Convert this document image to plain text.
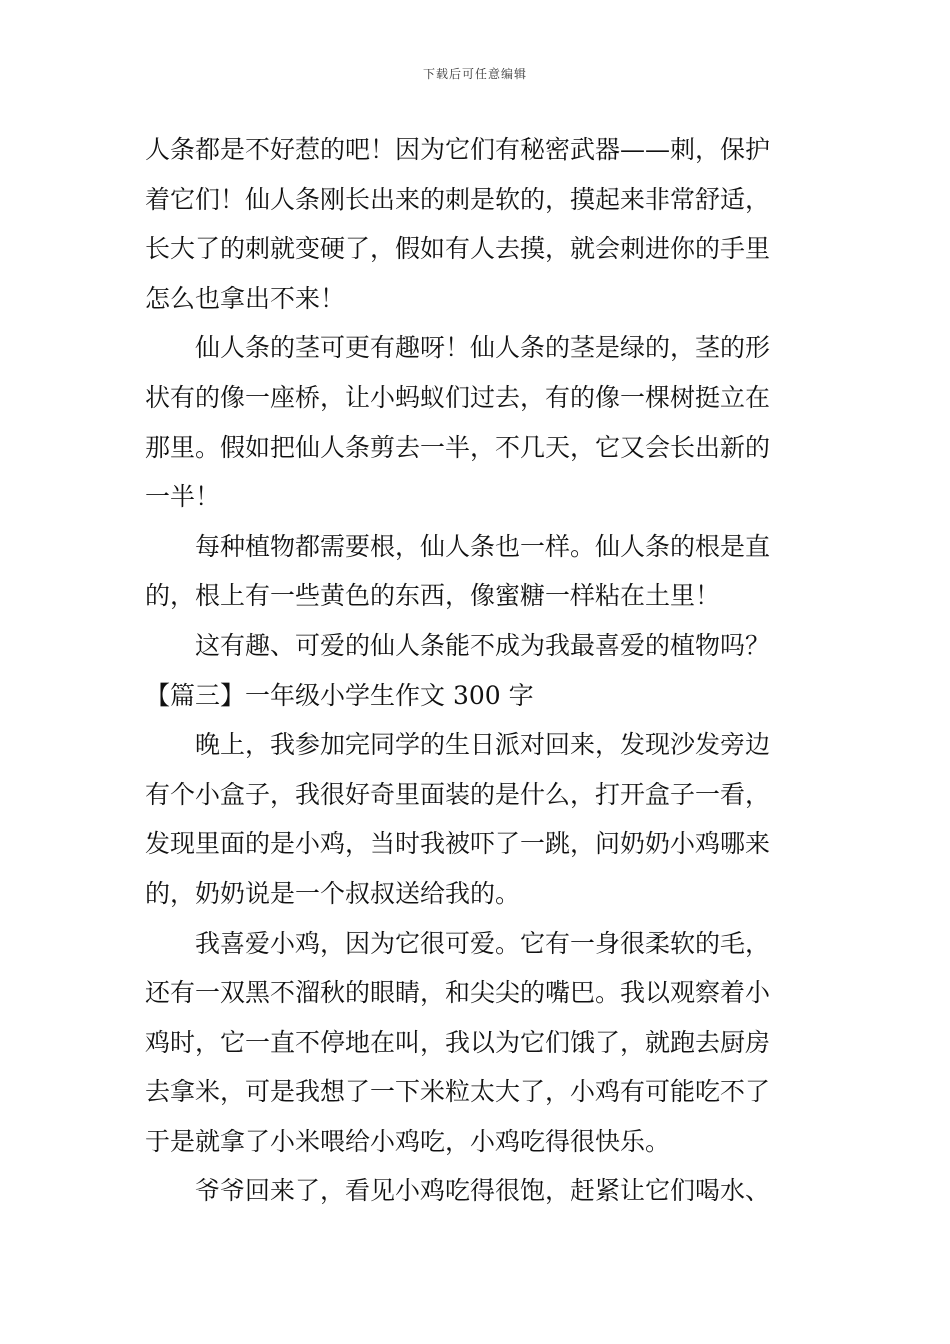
下载后可任意编辑
人条都是不好惹的吧！因为它们有秘密武器——刺，保护
着它们！仙人条刚长出来的刺是软的，摸起来非常舒适，
长大了的刺就变硬了，假如有人去摸，就会刺进你的手里
怎么也拿出不来！
仙人条的茎可更有趣呀！仙人条的茎是绿的，茎的形
状有的像一座桥，让小蚂蚁们过去，有的像一棵树挺立在
那里。假如把仙人条剪去一半，不几天，它又会长出新的
一半！
每种植物都需要根，仙人条也一样。仙人条的根是直
的，根上有一些黄色的东西，像蜜糖一样粘在土里！
这有趣、可爱的仙人条能不成为我最喜爱的植物吗？
【篇三】一年级小学生作文 300 字
晚上，我参加完同学的生日派对回来，发现沙发旁边
有个小盒子，我很好奇里面装的是什么，打开盒子一看，
发现里面的是小鸡，当时我被吓了一跳，问奶奶小鸡哪来
的，奶奶说是一个叔叔送给我的。
我喜爱小鸡，因为它很可爱。它有一身很柔软的毛，
还有一双黑不溜秋的眼睛，和尖尖的嘴巴。我以观察着小
鸡时，它一直不停地在叫，我以为它们饿了，就跑去厨房
去拿米，可是我想了一下米粒太大了，小鸡有可能吃不了
于是就拿了小米喂给小鸡吃，小鸡吃得很快乐。
爷爷回来了，看见小鸡吃得很饱，赶紧让它们喝水、
